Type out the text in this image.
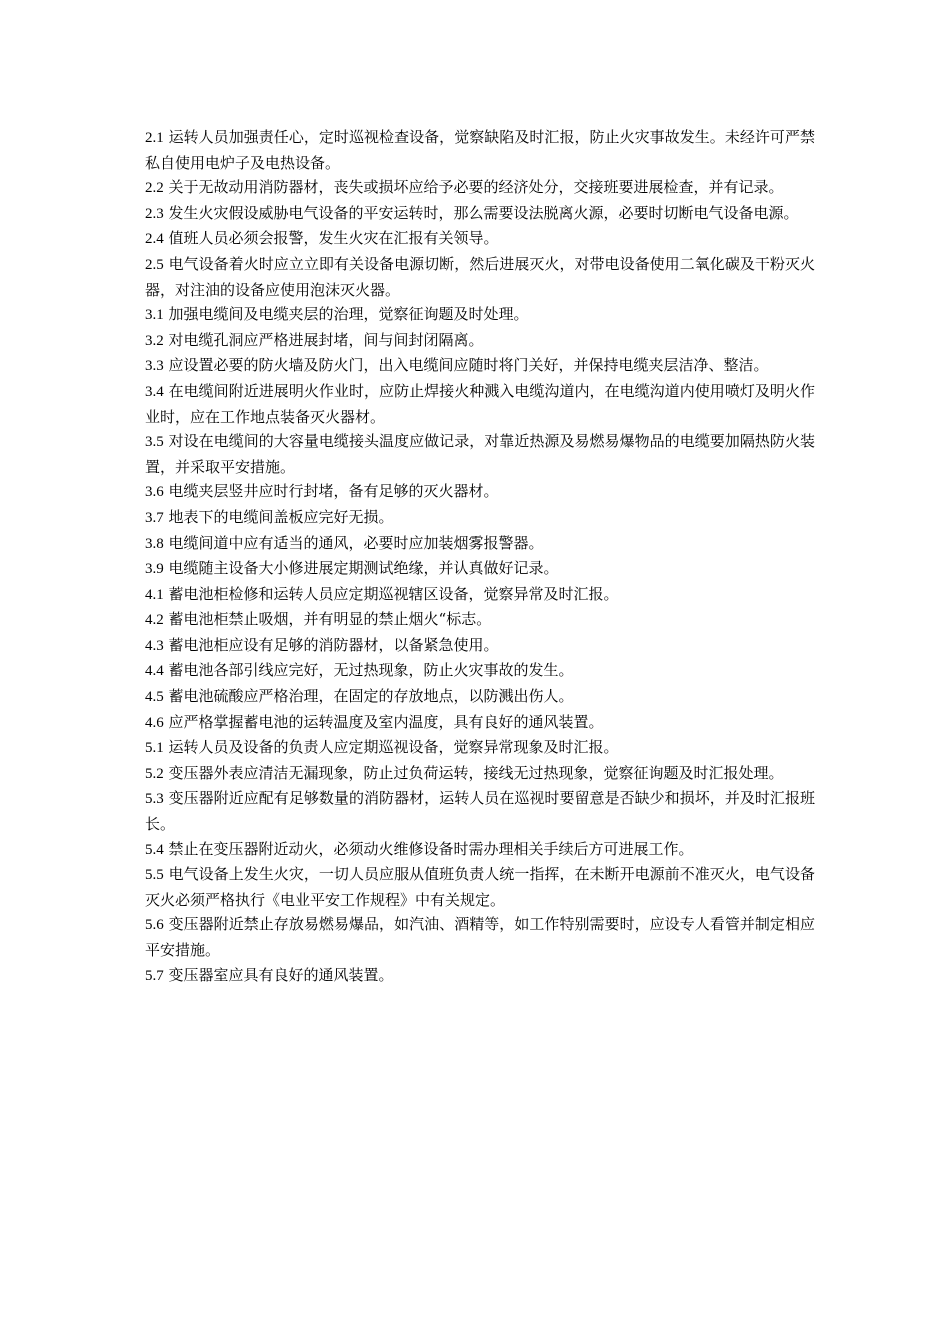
2.1 运转人员加强责任心，定时巡视检查设备，觉察缺陷及时汇报，防止火灾事故发生。未经许可严禁私自使用电炉子及电热设备。

2.2 关于无故动用消防器材，丧失或损坏应给予必要的经济处分，交接班要进展检查，并有记录。

2.3 发生火灾假设威胁电气设备的平安运转时，那么需要设法脱离火源，必要时切断电气设备电源。

2.4 值班人员必须会报警，发生火灾在汇报有关领导。

2.5 电气设备着火时应立立即有关设备电源切断，然后进展灭火，对带电设备使用二氧化碳及干粉灭火器，对注油的设备应使用泡沫灭火器。

3.1 加强电缆间及电缆夹层的治理，觉察征询题及时处理。

3.2 对电缆孔洞应严格进展封堵，间与间封闭隔离。

3.3 应设置必要的防火墙及防火门，出入电缆间应随时将门关好，并保持电缆夹层洁净、整洁。

3.4 在电缆间附近进展明火作业时，应防止焊接火种溅入电缆沟道内，在电缆沟道内使用喷灯及明火作业时，应在工作地点装备灭火器材。

3.5 对设在电缆间的大容量电缆接头温度应做记录，对靠近热源及易燃易爆物品的电缆要加隔热防火装置，并采取平安措施。

3.6 电缆夹层竖井应时行封堵，备有足够的灭火器材。

3.7 地表下的电缆间盖板应完好无损。

3.8 电缆间道中应有适当的通风，必要时应加装烟雾报警器。

3.9 电缆随主设备大小修进展定期测试绝缘，并认真做好记录。

4.1 蓄电池柜检修和运转人员应定期巡视辖区设备，觉察异常及时汇报。

4.2 蓄电池柜禁止吸烟，并有明显的禁止烟火“标志。

4.3 蓄电池柜应设有足够的消防器材，以备紧急使用。

4.4 蓄电池各部引线应完好，无过热现象，防止火灾事故的发生。

4.5 蓄电池硫酸应严格治理，在固定的存放地点，以防溅出伤人。

4.6 应严格掌握蓄电池的运转温度及室内温度，具有良好的通风装置。

5.1 运转人员及设备的负责人应定期巡视设备，觉察异常现象及时汇报。

5.2 变压器外表应清洁无漏现象，防止过负荷运转，接线无过热现象，觉察征询题及时汇报处理。

5.3 变压器附近应配有足够数量的消防器材，运转人员在巡视时要留意是否缺少和损坏，并及时汇报班长。

5.4 禁止在变压器附近动火，必须动火维修设备时需办理相关手续后方可进展工作。

5.5 电气设备上发生火灾，一切人员应服从值班负责人统一指挥，在未断开电源前不准灭火，电气设备灭火必须严格执行《电业平安工作规程》中有关规定。

5.6 变压器附近禁止存放易燃易爆品，如汽油、酒精等，如工作特别需要时，应设专人看管并制定相应平安措施。

5.7 变压器室应具有良好的通风装置。
